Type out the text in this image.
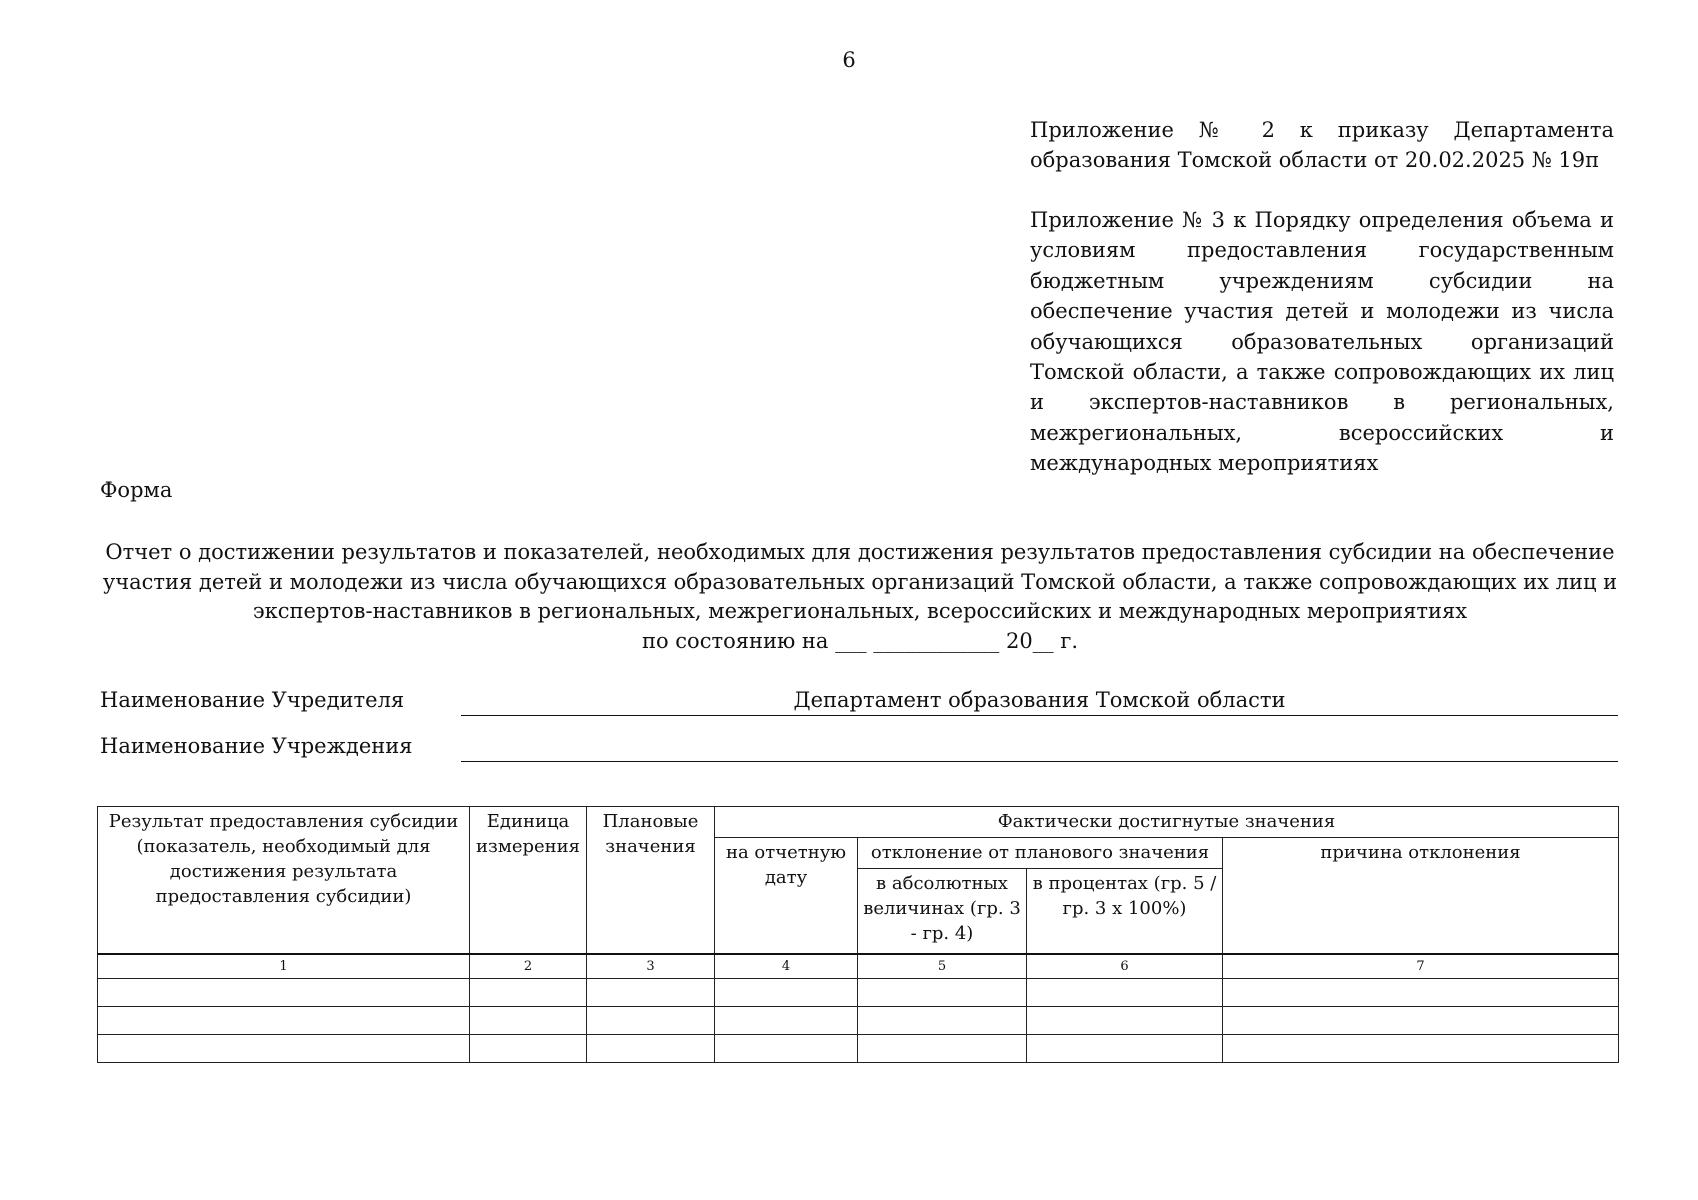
6
Приложение № 2 к приказу Департамента образования Томской области от 20.02.2025 № 19п
Приложение № 3 к Порядку определения объема и условиям предоставления государственным бюджетным учреждениям субсидии на обеспечение участия детей и молодежи из числа обучающихся образовательных организаций Томской области, а также сопровождающих их лиц и экспертов-наставников в региональных, межрегиональных, всероссийских и международных мероприятиях
Форма
Отчет о достижении результатов и показателей, необходимых для достижения результатов предоставления субсидии на обеспечение
участия детей и молодежи из числа обучающихся образовательных организаций Томской области, а также сопровождающих их лиц и
экспертов-наставников в региональных, межрегиональных, всероссийских и международных мероприятиях
по состоянию на ___ ____________ 20__ г.
Наименование Учредителя	Департамент образования Томской области
Наименование Учреждения
Результат предоставления субсидии (показатель, необходимый для достижения результата предоставления субсидии)	Единица измерения	Плановые значения	Фактически достигнутые значения			
			на отчетную дату	отклонение от планового значения		причина отклонения
				в абсолютных величинах (гр. 3 - гр. 4)	в процентах (гр. 5 / гр. 3 х 100%)	
1	2	3	4	5	6	7
